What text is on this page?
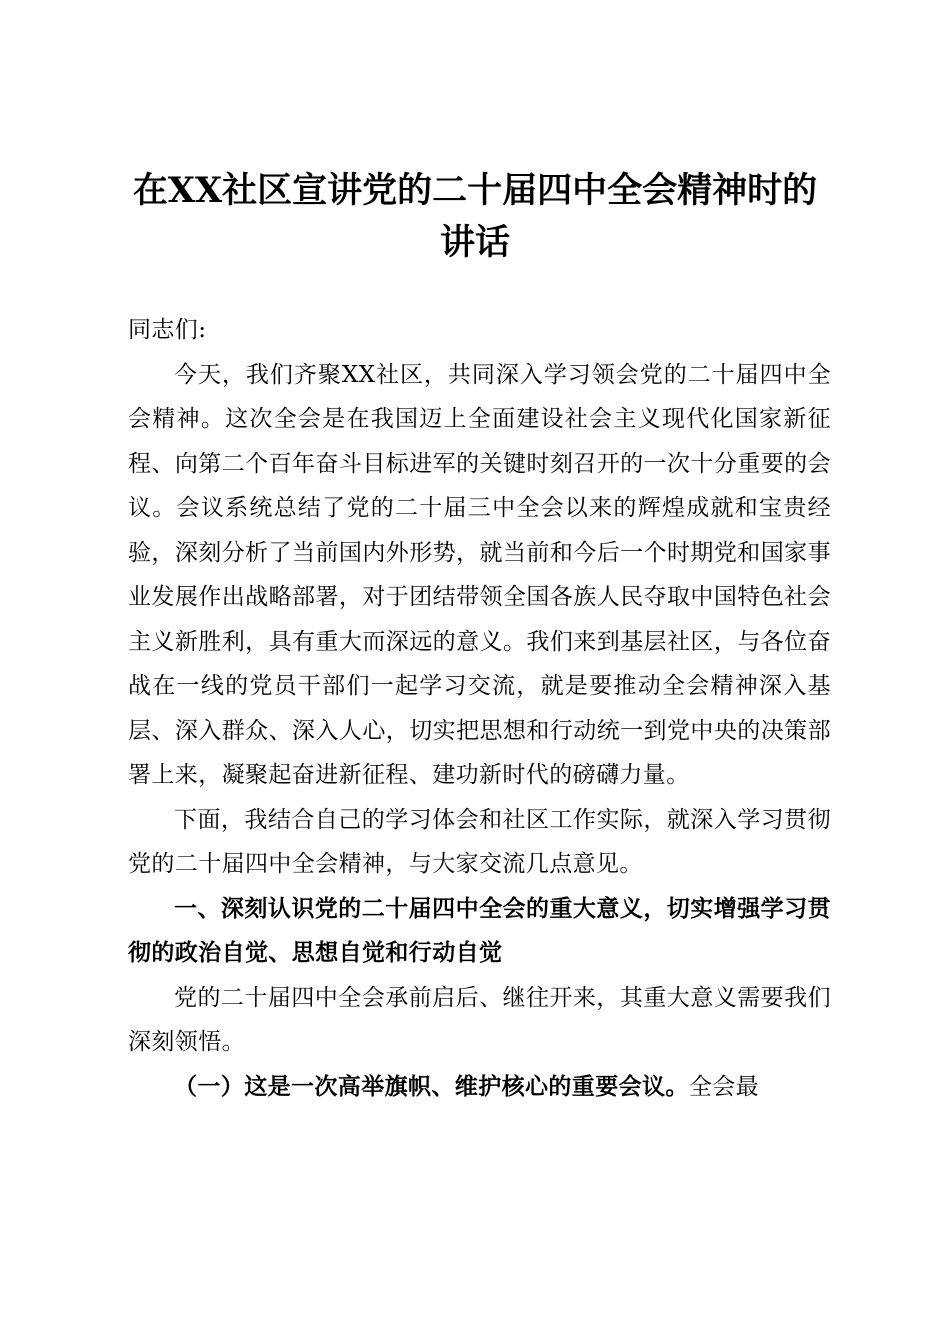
在XX社区宣讲党的二十届四中全会精神时的讲话

同志们:

今天，我们齐聚XX社区，共同深入学习领会党的二十届四中全会精神。这次全会是在我国迈上全面建设社会主义现代化国家新征程、向第二个百年奋斗目标进军的关键时刻召开的一次十分重要的会议。会议系统总结了党的二十届三中全会以来的辉煌成就和宝贵经验，深刻分析了当前国内外形势，就当前和今后一个时期党和国家事业发展作出战略部署，对于团结带领全国各族人民夺取中国特色社会主义新胜利，具有重大而深远的意义。我们来到基层社区，与各位奋战在一线的党员干部们一起学习交流，就是要推动全会精神深入基层、深入群众、深入人心，切实把思想和行动统一到党中央的决策部署上来，凝聚起奋进新征程、建功新时代的磅礴力量。

下面，我结合自己的学习体会和社区工作实际，就深入学习贯彻党的二十届四中全会精神，与大家交流几点意见。

一、深刻认识党的二十届四中全会的重大意义，切实增强学习贯彻的政治自觉、思想自觉和行动自觉

党的二十届四中全会承前启后、继往开来，其重大意义需要我们深刻领悟。

（一）这是一次高举旗帜、维护核心的重要会议。全会最
